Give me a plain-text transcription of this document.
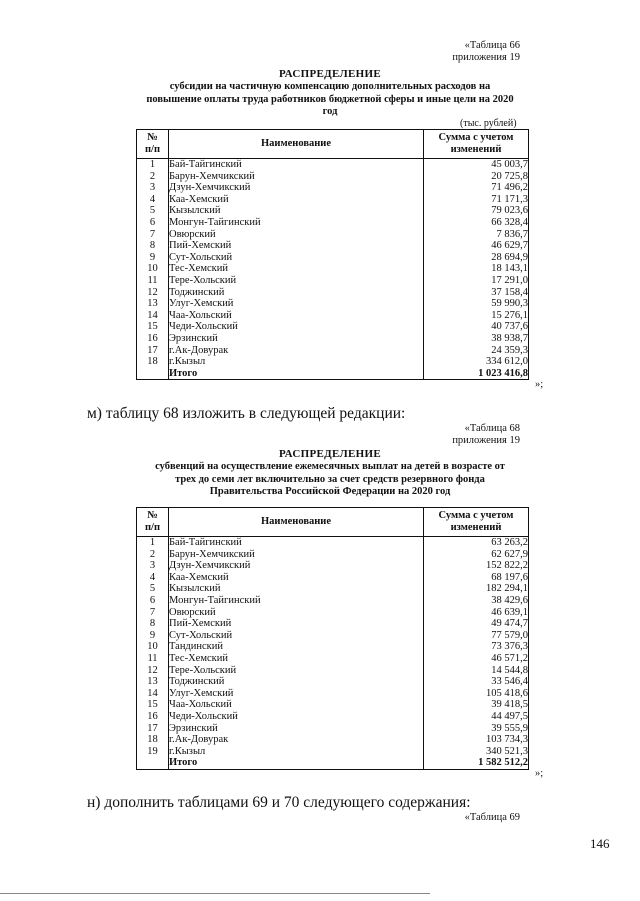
«Таблица 66
приложения 19
РАСПРЕДЕЛЕНИЕ
субсидии на частичную компенсацию дополнительных расходов на
повышение оплаты труда работников бюджетной сферы и иные цели на 2020
год
(тыс. рублей)
№
п/п	Наименование	Сумма с учетом
изменений
1	Бай-Тайгинский	45 003,7
2	Барун-Хемчикский	20 725,8
3	Дзун-Хемчикский	71 496,2
4	Каа-Хемский	71 171,3
5	Кызылский	79 023,6
6	Монгун-Тайгинский	66 328,4
7	Овюрский	7 836,7
8	Пий-Хемский	46 629,7
9	Сут-Хольский	28 694,9
10	Тес-Хемский	18 143,1
11	Тере-Хольский	17 291,0
12	Тоджинский	37 158,4
13	Улуг-Хемский	59 990,3
14	Чаа-Хольский	15 276,1
15	Чеди-Хольский	40 737,6
16	Эрзинский	38 938,7
17	г.Ак-Довурак	24 359,3
18	г.Кызыл	334 612,0
	Итого	1 023 416,8
»;
м) таблицу 68 изложить в следующей редакции:
«Таблица 68
приложения 19
РАСПРЕДЕЛЕНИЕ
субвенций на осуществление ежемесячных выплат на детей в возрасте от
трех до семи лет включительно за счет средств резервного фонда
Правительства Российской Федерации на 2020 год
№
п/п	Наименование	Сумма с учетом
изменений
1	Бай-Тайгинский	63 263,2
2	Барун-Хемчикский	62 627,9
3	Дзун-Хемчикский	152 822,2
4	Каа-Хемский	68 197,6
5	Кызылский	182 294,1
6	Монгун-Тайгинский	38 429,6
7	Овюрский	46 639,1
8	Пий-Хемский	49 474,7
9	Сут-Хольский	77 579,0
10	Тандинский	73 376,3
11	Тес-Хемский	46 571,2
12	Тере-Хольский	14 544,8
13	Тоджинский	33 546,4
14	Улуг-Хемский	105 418,6
15	Чаа-Хольский	39 418,5
16	Чеди-Хольский	44 497,5
17	Эрзинский	39 555,9
18	г.Ак-Довурак	103 734,3
19	г.Кызыл	340 521,3
	Итого	1 582 512,2
»;
н) дополнить таблицами 69 и 70 следующего содержания:
«Таблица 69
146
